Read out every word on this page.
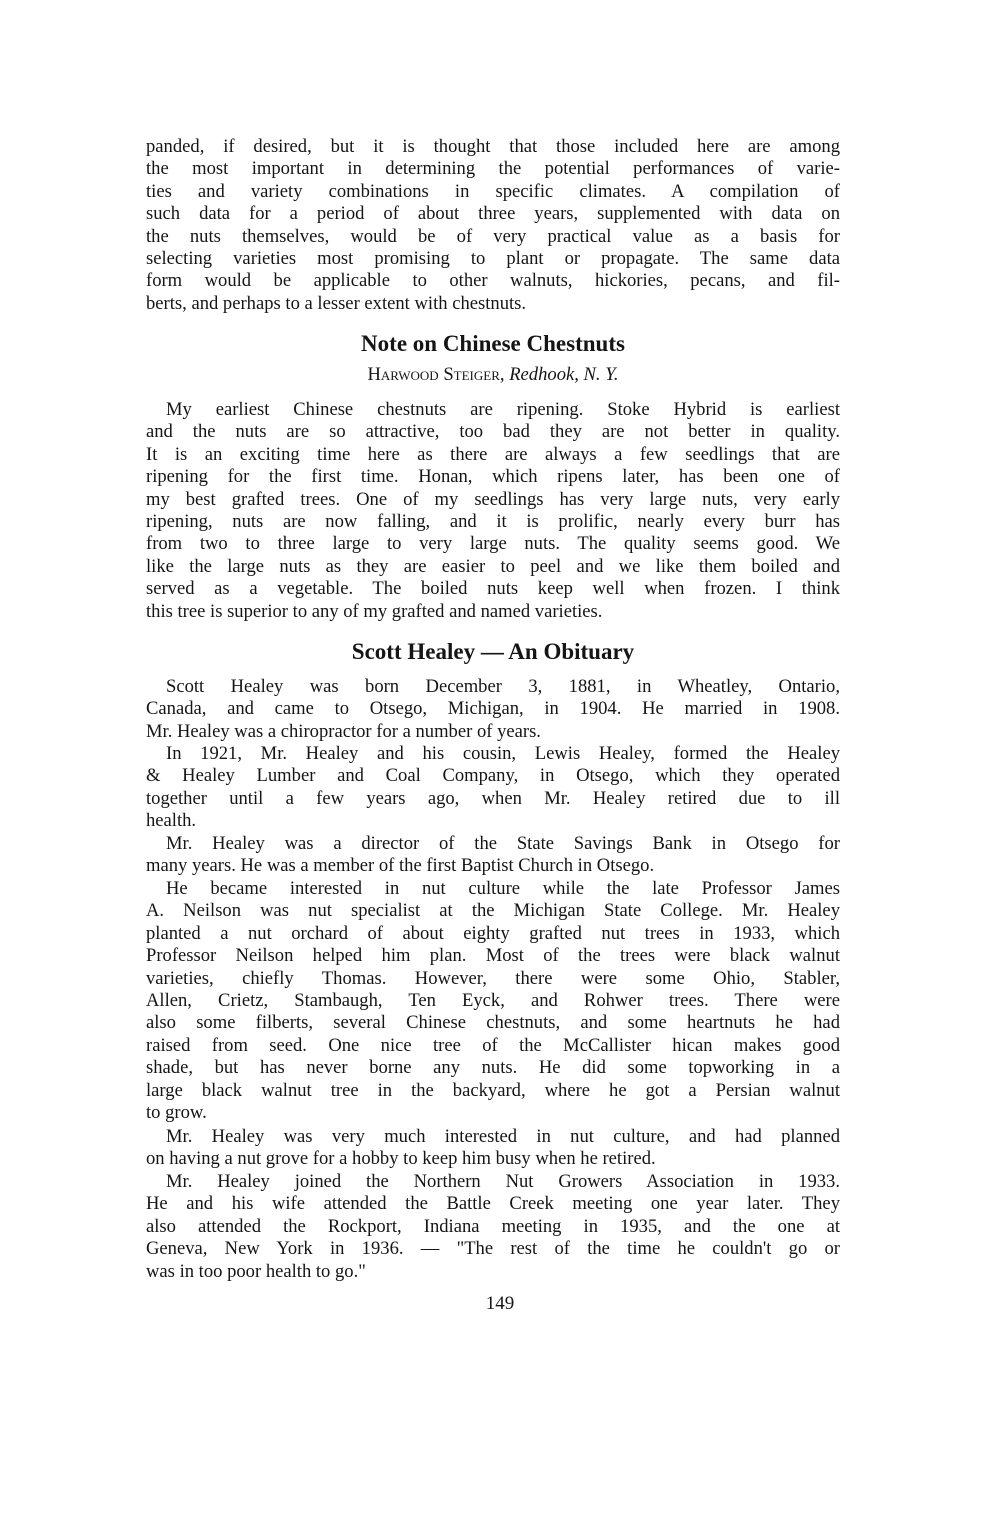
panded, if desired, but it is thought that those included here are among
the most important in determining the potential performances of varie-
ties and variety combinations in specific climates. A compilation of
such data for a period of about three years, supplemented with data on
the nuts themselves, would be of very practical value as a basis for
selecting varieties most promising to plant or propagate. The same data
form would be applicable to other walnuts, hickories, pecans, and fil-
berts, and perhaps to a lesser extent with chestnuts.
Note on Chinese Chestnuts
Harwood Steiger, Redhook, N. Y.
My earliest Chinese chestnuts are ripening. Stoke Hybrid is earliest
and the nuts are so attractive, too bad they are not better in quality.
It is an exciting time here as there are always a few seedlings that are
ripening for the first time. Honan, which ripens later, has been one of
my best grafted trees. One of my seedlings has very large nuts, very early
ripening, nuts are now falling, and it is prolific, nearly every burr has
from two to three large to very large nuts. The quality seems good. We
like the large nuts as they are easier to peel and we like them boiled and
served as a vegetable. The boiled nuts keep well when frozen. I think
this tree is superior to any of my grafted and named varieties.
Scott Healey — An Obituary
Scott Healey was born December 3, 1881, in Wheatley, Ontario,
Canada, and came to Otsego, Michigan, in 1904. He married in 1908.
Mr. Healey was a chiropractor for a number of years.
In 1921, Mr. Healey and his cousin, Lewis Healey, formed the Healey
& Healey Lumber and Coal Company, in Otsego, which they operated
together until a few years ago, when Mr. Healey retired due to ill
health.
Mr. Healey was a director of the State Savings Bank in Otsego for
many years. He was a member of the first Baptist Church in Otsego.
He became interested in nut culture while the late Professor James
A. Neilson was nut specialist at the Michigan State College. Mr. Healey
planted a nut orchard of about eighty grafted nut trees in 1933, which
Professor Neilson helped him plan. Most of the trees were black walnut
varieties, chiefly Thomas. However, there were some Ohio, Stabler,
Allen, Crietz, Stambaugh, Ten Eyck, and Rohwer trees. There were
also some filberts, several Chinese chestnuts, and some heartnuts he had
raised from seed. One nice tree of the McCallister hican makes good
shade, but has never borne any nuts. He did some topworking in a
large black walnut tree in the backyard, where he got a Persian walnut
to grow.
Mr. Healey was very much interested in nut culture, and had planned
on having a nut grove for a hobby to keep him busy when he retired.
Mr. Healey joined the Northern Nut Growers Association in 1933.
He and his wife attended the Battle Creek meeting one year later. They
also attended the Rockport, Indiana meeting in 1935, and the one at
Geneva, New York in 1936. — "The rest of the time he couldn't go or
was in too poor health to go."
149
